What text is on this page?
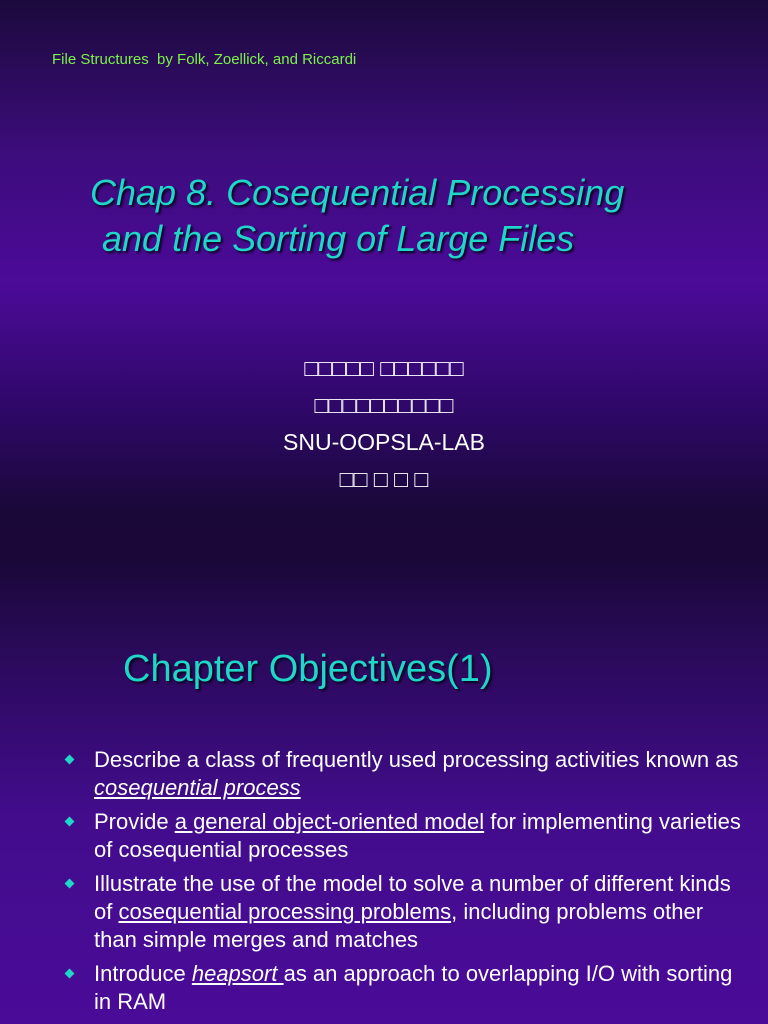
File Structures  by Folk, Zoellick, and Riccardi
Chap 8. Cosequential Processing
and the Sorting of Large Files
□□□□□ □□□□□□
□□□□□□□□□□
SNU-OOPSLA-LAB
□□ □ □ □
Chapter Objectives(1)
Describe a class of frequently used processing activities known as cosequential process
Provide a general object-oriented model for implementing varieties of cosequential processes
Illustrate the use of the model to solve a number of different kinds of cosequential processing problems, including problems other than simple merges and matches
Introduce heapsort as an approach to overlapping I/O with sorting in RAM
